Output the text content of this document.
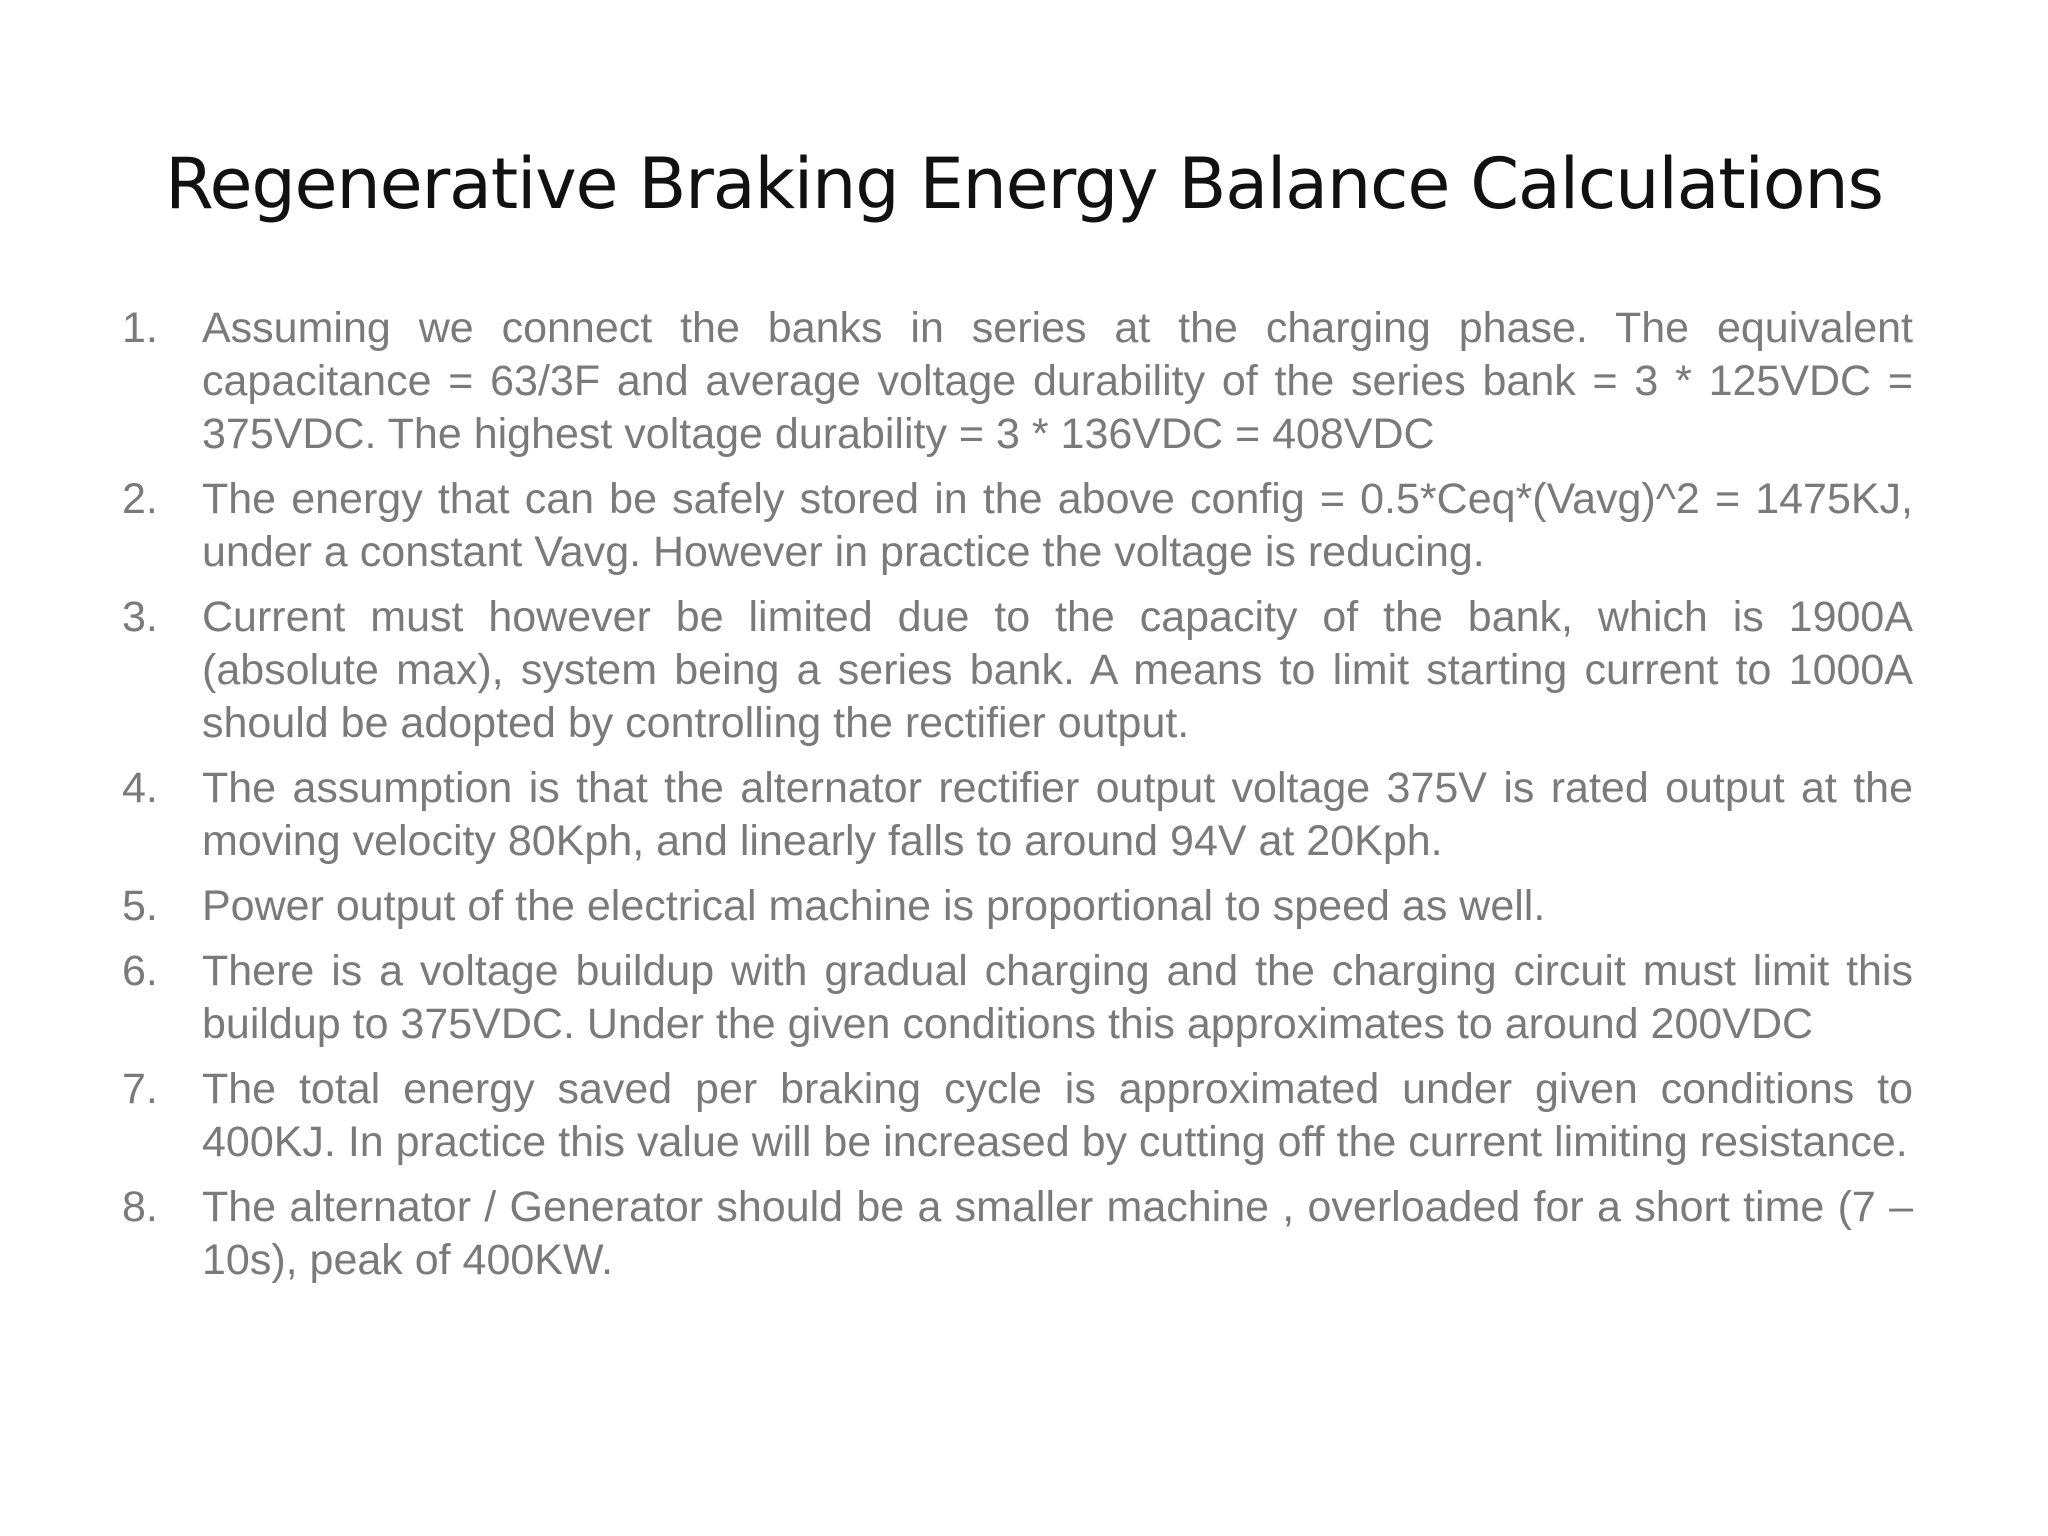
Regenerative Braking Energy Balance Calculations
1. Assuming we connect the banks in series at the charging phase. The equivalent capacitance = 63/3F and average voltage durability of the series bank = 3 * 125VDC = 375VDC. The highest voltage durability = 3 * 136VDC = 408VDC
2. The energy that can be safely stored in the above config = 0.5*Ceq*(Vavg)^2 = 1475KJ, under a constant Vavg. However in practice the voltage is reducing.
3. Current must however be limited due to the capacity of the bank, which is 1900A (absolute max), system being a series bank. A means to limit starting current to 1000A should be adopted by controlling the rectifier output.
4. The assumption is that the alternator rectifier output voltage 375V is rated output at the moving velocity 80Kph, and linearly falls to around 94V at 20Kph.
5. Power output of the electrical machine is proportional to speed as well.
6. There is a voltage buildup with gradual charging and the charging circuit must limit this buildup to 375VDC. Under the given conditions this approximates to around 200VDC
7. The total energy saved per braking cycle is approximated under given conditions to 400KJ. In practice this value will be increased by cutting off the current limiting resistance.
8. The alternator / Generator should be a smaller machine , overloaded for a short time (7 – 10s), peak of 400KW.
